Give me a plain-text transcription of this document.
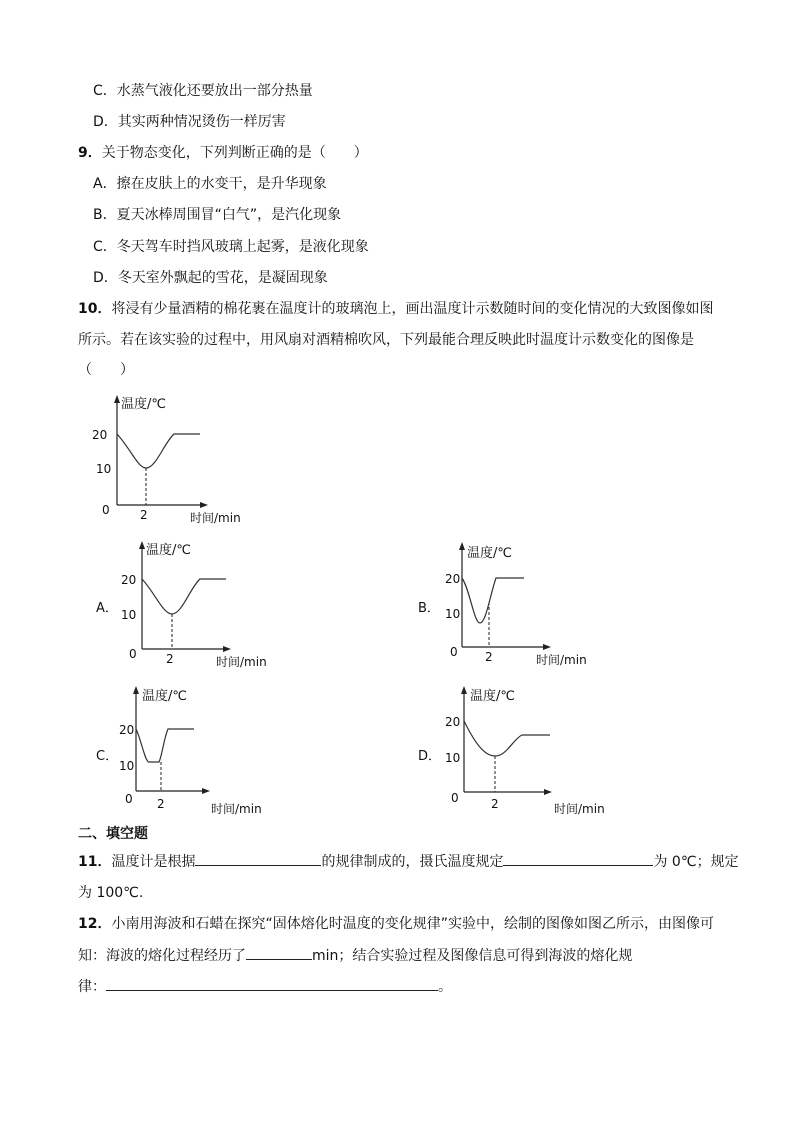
C．水蒸气液化还要放出一部分热量
D．其实两种情况烫伤一样厉害
9．关于物态变化，下列判断正确的是（　　）
A．擦在皮肤上的水变干，是升华现象
B．夏天冰棒周围冒“白气”，是汽化现象
C．冬天驾车时挡风玻璃上起雾，是液化现象
D．冬天室外飘起的雪花，是凝固现象
10．将浸有少量酒精的棉花裹在温度计的玻璃泡上，画出温度计示数随时间的变化情况的大致图像如图
所示。若在该实验的过程中，用风扇对酒精棉吹风，下列最能合理反映此时温度计示数变化的图像是
（　　）
温度/℃
20
10
0	2	时间/min
A．
温度/℃
20
10
0 2	时间/min
B．
温度/℃
20
10
0 2	时间/min
C．
温度/℃
20
10
0 2	时间/min
D．
温度/℃
20
10
0	2	时间/min
二、填空题
11．温度计是根据	的规律制成的，摄氏温度规定	为 0℃；规定
为 100℃.
12．小南用海波和石蜡在探究“固体熔化时温度的变化规律”实验中，绘制的图像如图乙所示，由图像可
知：海波的熔化过程经历了	min；结合实验过程及图像信息可得到海波的熔化规
律：	。
